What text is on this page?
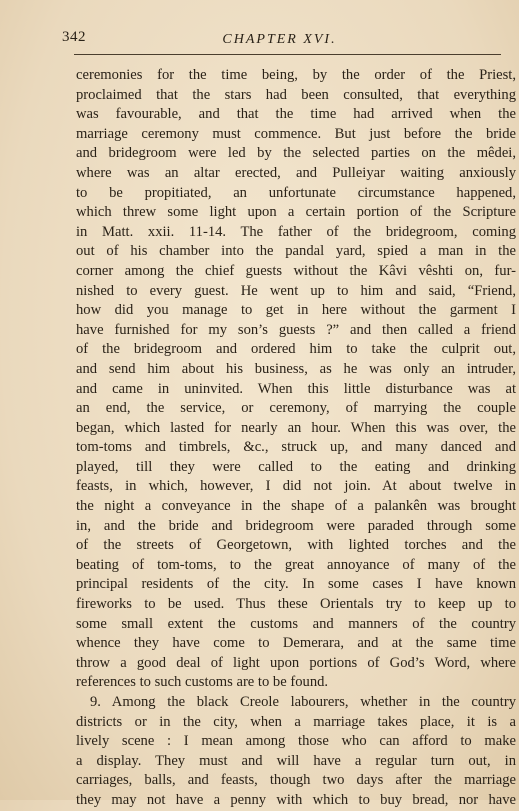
342	CHAPTER XVI.
ceremonies for the time being, by the order of the Priest,
proclaimed that the stars had been consulted, that everything
was favourable, and that the time had arrived when the
marriage ceremony must commence. But just before the bride
and bridegroom were led by the selected parties on the mêdei,
where was an altar erected, and Pulleiyar waiting anxiously
to be propitiated, an unfortunate circumstance happened,
which threw some light upon a certain portion of the Scripture
in Matt. xxii. 11-14. The father of the bridegroom, coming
out of his chamber into the pandal yard, spied a man in the
corner among the chief guests without the Kâvi vêshti on, fur-
nished to every guest. He went up to him and said, “Friend,
how did you manage to get in here without the garment I
have furnished for my son’s guests ?” and then called a friend
of the bridegroom and ordered him to take the culprit out,
and send him about his business, as he was only an intruder,
and came in uninvited. When this little disturbance was at
an end, the service, or ceremony, of marrying the couple
began, which lasted for nearly an hour. When this was over, the
tom-toms and timbrels, &c., struck up, and many danced and
played, till they were called to the eating and drinking
feasts, in which, however, I did not join. At about twelve in
the night a conveyance in the shape of a palankên was brought
in, and the bride and bridegroom were paraded through some
of the streets of Georgetown, with lighted torches and the
beating of tom-toms, to the great annoyance of many of the
principal residents of the city. In some cases I have known
fireworks to be used. Thus these Orientals try to keep up to
some small extent the customs and manners of the country
whence they have come to Demerara, and at the same time
throw a good deal of light upon portions of God’s Word, where
references to such customs are to be found.
9. Among the black Creole labourers, whether in the country
districts or in the city, when a marriage takes place, it is a
lively scene : I mean among those who can afford to make
a display. They must and will have a regular turn out, in
carriages, balls, and feasts, though two days after the marriage
they may not have a penny with which to buy bread, nor have
